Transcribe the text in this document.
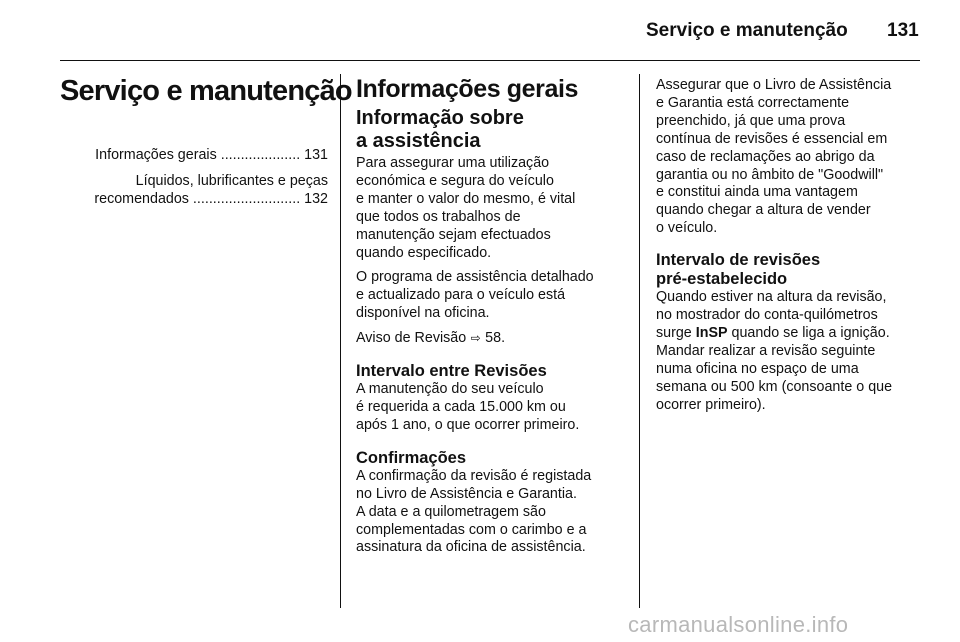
Serviço e manutenção 131
Serviço e manutenção

Informações gerais .................... 131

Líquidos, lubrificantes e peças
recomendados ........................... 132

Informações gerais
Informação sobre
a assistência

Para assegurar uma utilização
económica e segura do veículo
e manter o valor do mesmo, é vital
que todos os trabalhos de
manutenção sejam efectuados
quando especificado.

O programa de assistência detalhado
e actualizado para o veículo está
disponível na oficina.

Aviso de Revisão ⇨ 58.

Intervalo entre Revisões

A manutenção do seu veículo
é requerida a cada 15.000 km ou
após 1 ano, o que ocorrer primeiro.

Confirmações

A confirmação da revisão é registada
no Livro de Assistência e Garantia.
A data e a quilometragem são
complementadas com o carimbo e a
assinatura da oficina de assistência.

Assegurar que o Livro de Assistência
e Garantia está correctamente
preenchido, já que uma prova
contínua de revisões é essencial em
caso de reclamações ao abrigo da
garantia ou no âmbito de "Goodwill"
e constitui ainda uma vantagem
quando chegar a altura de vender
o veículo.

Intervalo de revisões
pré-estabelecido

Quando estiver na altura da revisão,
no mostrador do conta-quilómetros
surge InSP quando se liga a ignição.
Mandar realizar a revisão seguinte
numa oficina no espaço de uma
semana ou 500 km (consoante o que
ocorrer primeiro).

carmanualsonline.info
